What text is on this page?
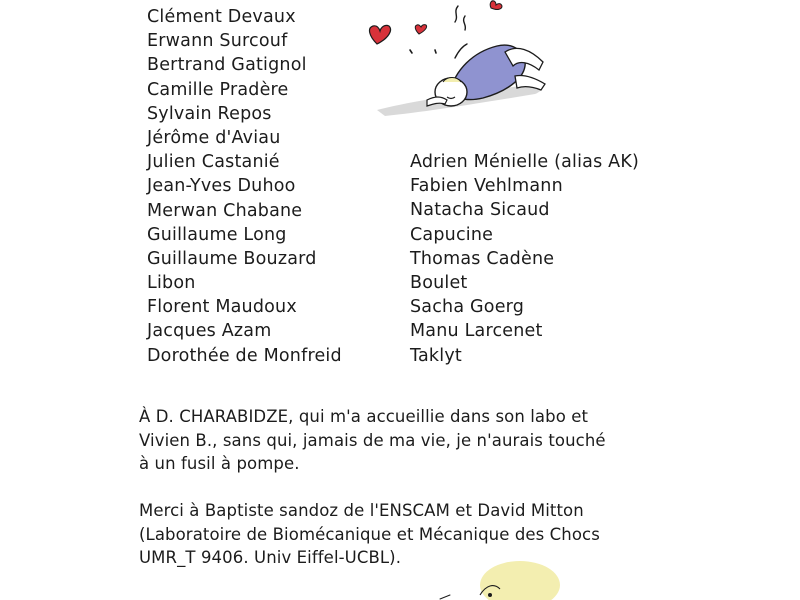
Clément Devaux
Erwann Surcouf
Bertrand Gatignol
Camille Pradère
Sylvain Repos
Jérôme d'Aviau
Julien Castanié
Jean-Yves Duhoo
Merwan Chabane
Guillaume Long
Guillaume Bouzard
Libon
Florent Maudoux
Jacques Azam
Dorothée de Monfreid
Adrien Ménielle (alias AK)
Fabien Vehlmann
Natacha Sicaud
Capucine
Thomas Cadène
Boulet
Sacha Goerg
Manu Larcenet
Taklyt

À D. CHARABIDZE, qui m'a accueillie dans son labo et
Vivien B., sans qui, jamais de ma vie, je n'aurais touché
à un fusil à pompe.

Merci à Baptiste sandoz de l'ENSCAM et David Mitton
(Laboratoire de Biomécanique et Mécanique des Chocs
UMR_T 9406. Univ Eiffel-UCBL).
